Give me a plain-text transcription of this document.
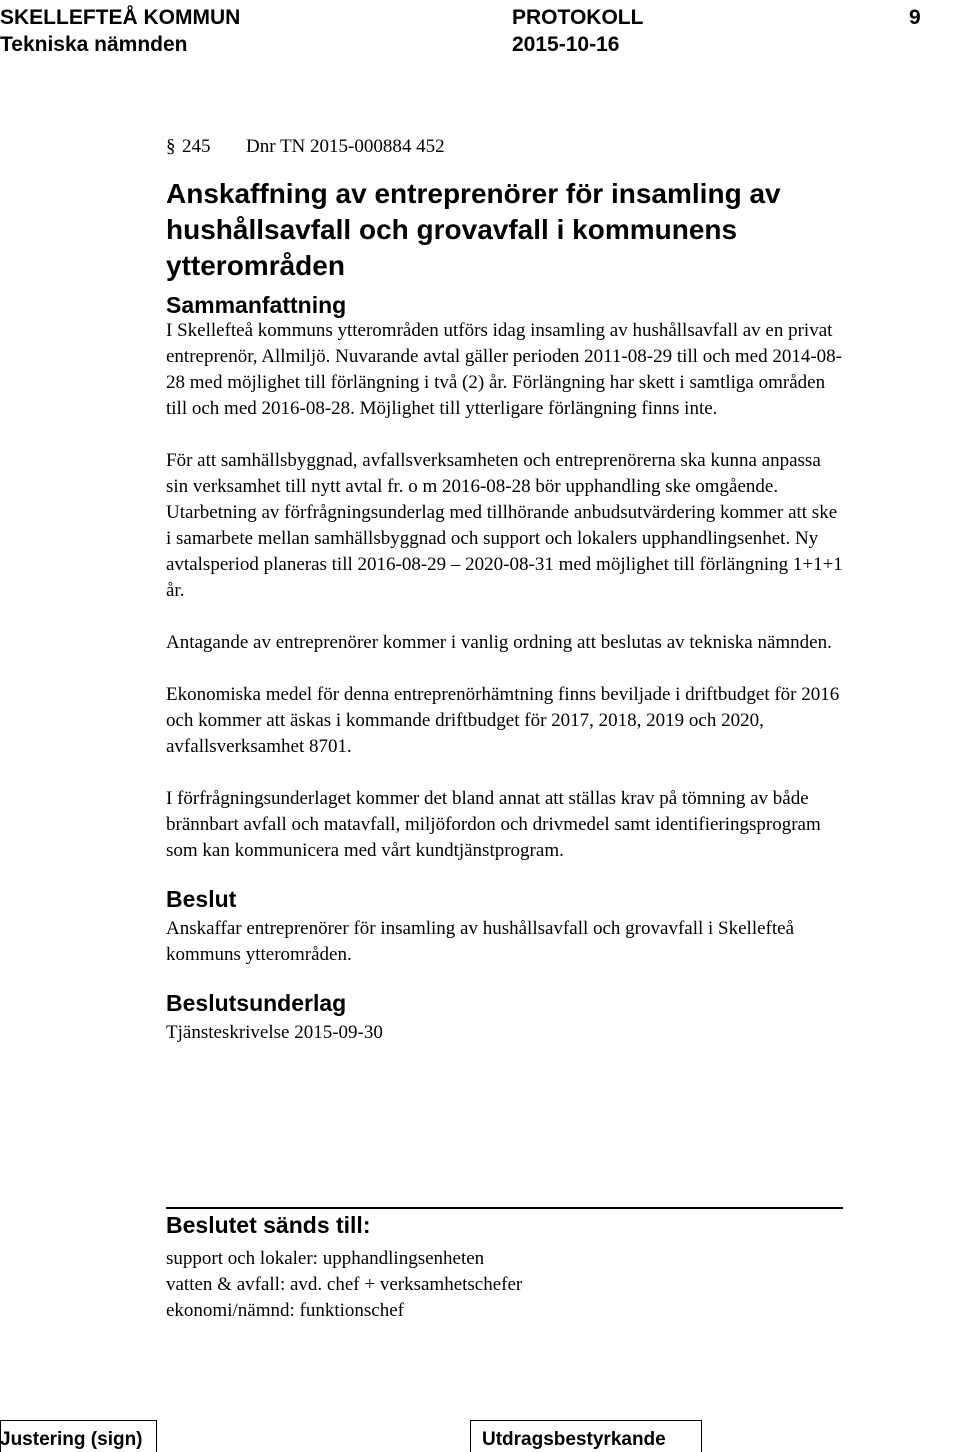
SKELLEFTEÅ KOMMUN
Tekniska nämnden
PROTOKOLL
2015-10-16
9
§ 245 Dnr TN 2015-000884 452

Anskaffning av entreprenörer för insamling av hushållsavfall och grovavfall i kommunens ytterområden
Sammanfattning

I Skellefteå kommuns ytterområden utförs idag insamling av hushållsavfall av en privat entreprenör, Allmiljö. Nuvarande avtal gäller perioden 2011-08-29 till och med 2014-08-28 med möjlighet till förlängning i två (2) år. Förlängning har skett i samtliga områden till och med 2016-08-28. Möjlighet till ytterligare förlängning finns inte.

För att samhällsbyggnad, avfallsverksamheten och entreprenörerna ska kunna anpassa sin verksamhet till nytt avtal fr. o m 2016-08-28 bör upphandling ske omgående. Utarbetning av förfrågningsunderlag med tillhörande anbudsutvärdering kommer att ske i samarbete mellan samhällsbyggnad och support och lokalers upphandlingsenhet. Ny avtalsperiod planeras till 2016-08-29 – 2020-08-31 med möjlighet till förlängning 1+1+1 år.

Antagande av entreprenörer kommer i vanlig ordning att beslutas av tekniska nämnden.

Ekonomiska medel för denna entreprenörhämtning finns beviljade i driftbudget för 2016 och kommer att äskas i kommande driftbudget för 2017, 2018, 2019 och 2020, avfallsverksamhet 8701.

I förfrågningsunderlaget kommer det bland annat att ställas krav på tömning av både brännbart avfall och matavfall, miljöfordon och drivmedel samt identifieringsprogram som kan kommunicera med vårt kundtjänstprogram.

Beslut

Anskaffar entreprenörer för insamling av hushållsavfall och grovavfall i Skellefteå kommuns ytterområden.

Beslutsunderlag

Tjänsteskrivelse 2015-09-30

Beslutet sänds till:

support och lokaler: upphandlingsenheten

vatten & avfall: avd. chef + verksamhetschefer

ekonomi/nämnd: funktionschef

Justering (sign)	Utdragsbestyrkande
